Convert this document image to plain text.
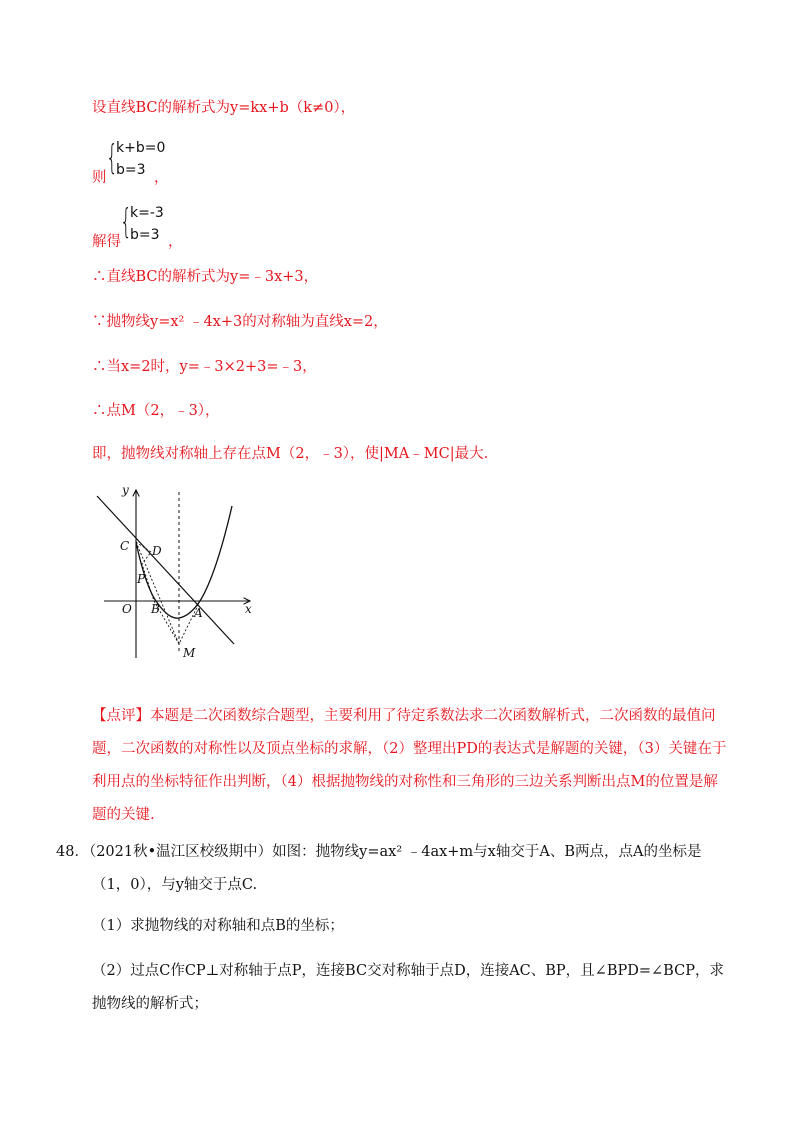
设直线BC的解析式为y=kx+b（k≠0），
则 {
k+b=0
b=3 ，
解得 {
k=-3
b=3 ，
∴直线BC的解析式为y=﹣3x+3，
∵抛物线y=x² ﹣4x+3的对称轴为直线x=2，
∴当x=2时，y=﹣3×2+3=﹣3，
∴点M（2，﹣3），
即，抛物线对称轴上存在点M（2，﹣3），使|MA﹣MC|最大.
y
x
O
C D
P
B	A
M
【点评】本题是二次函数综合题型，主要利用了待定系数法求二次函数解析式，二次函数的最值问题，二次函数的对称性以及顶点坐标的求解，（2）整理出PD的表达式是解题的关键，（3）关键在于利用点的坐标特征作出判断，（4）根据抛物线的对称性和三角形的三边关系判断出点M的位置是解题的关键.
48．（2021秋•温江区校级期中）如图：抛物线y=ax² ﹣4ax+m与x轴交于A、B两点，点A的坐标是（1，0），与y轴交于点C.
（1）求抛物线的对称轴和点B的坐标；
（2）过点C作CP⊥对称轴于点P，连接BC交对称轴于点D，连接AC、BP，且∠BPD=∠BCP，求抛物线的解析式；
